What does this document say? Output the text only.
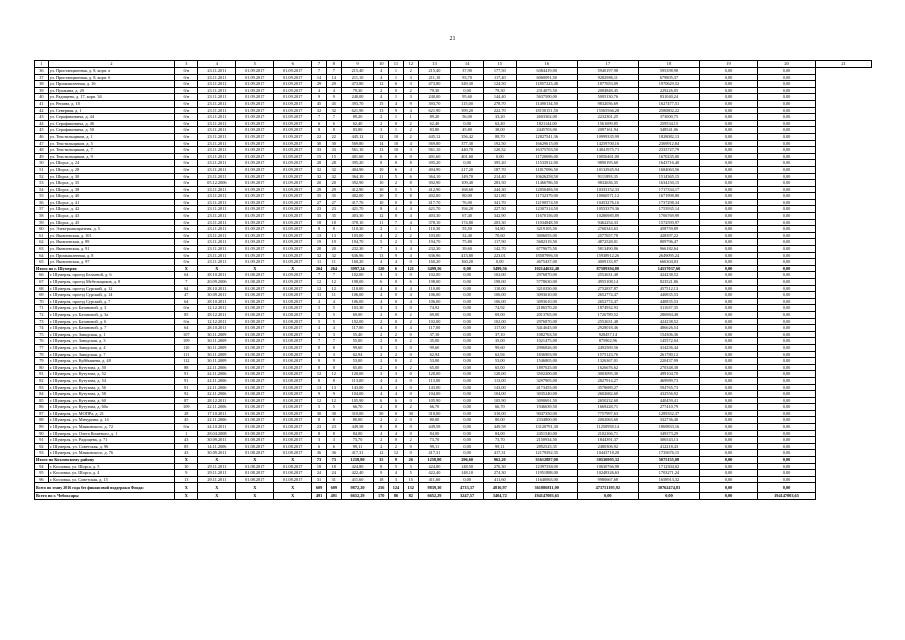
21
1	2	3	4	5	6	7	8	9	10	11	12	13	14	15	16	17	18	19	20	21
36	ул. Пристанционная, д. 8, корп. а	б/н	23.11.2011	01.09.2017	01.09.2017	7	7	215,40	4	1	2	215,40	37,90	177,50	6384419,00	5940197,98	595398,98	0,00	0,00	
37	ул. Пристанционная, д. 8, корп. б	б/н	23.11.2011	01.09.2017	01.09.2017	14	14	211,10	4	1	3	211,10	93,70	117,40	6060091,50	9282986,11	679805,37	0,00	0,00	
38	ул. Промышленная, д. 16	б/н	23.11.2011	01.09.2017	01.09.2017	29	29	473,80	12	6	3	473,80	349,30	124,50	11857223,48	1877653,09	1970629,52	0,00	0,00	
39	ул. Пушкина, д. 29	б/н	23.11.2011	01.09.2017	01.09.2017	4	4	79,30	2	0	2	79,30	0,00	79,30	2314075,50	2084848,45	229226,05	0,00	0,00	
40	ул. Радищева, д. 17, корп. 34	б/н	23.11.2011	01.09.2017	01.09.2017	9	9	240,00	4	1	3	240,00	95,60	144,40	5637500,00	5095130,76	831040,24	0,00	0,00	
41	ул. Репина, д. 18	б/н	23.11.2011	01.09.2017	01.09.2017	45	45	393,70	15	4	9	393,70	115,00	278,70	11490134,50	9832036,69	1627477,51	0,00	0,00	
42	ул. Северная, д. 1	б/н	23.11.2011	01.09.2017	01.09.2017	32	32	621,90	13	9	4	621,90	399,20	222,70	18150151,50	15565566,28	2586802,22	0,00	0,00	
43	ул. Серафимовича, д. 44	б/н	23.11.2011	01.09.2017	01.09.2017	7	7	89,20	2	1	1	89,20	56,00	33,20	2603302,00	2232301,25	373000,75	0,00	0,00	
44	ул. Серафимовича, д. 46	б/н	23.11.2011	01.09.2017	01.09.2017	6	6	62,40	2	0	2	62,40	0,00	62,40	1821144,00	1561699,85	259534,15	0,00	0,00	
45	ул. Серафимовича, д. 50	б/н	23.11.2011	01.09.2017	01.09.2017	8	8	83,80	3	1	2	83,80	45,80	38,00	2445703,00	2097161,94	348541,06	0,00	0,00	
46	ул. Текстильщиков, д. 1	б/н	23.11.2011	01.09.2017	01.09.2017	22	22	445,12	12	10	2	445,12	356,42	88,70	12827541,36	10999335,99	1828082,13	0,00	0,00	
47	ул. Текстильщиков, д. 5	б/н	23.11.2011	01.09.2017	01.09.2017	30	30	569,80	14	10	4	569,80	377,30	192,50	16629615,00	14259700,16	2369912,84	0,00	0,00	
48	ул. Текстильщиков, д. 7	б/н	23.11.2011	01.09.2017	01.09.2017	33	33	561,10	13	10	3	561,10	440,70	120,32	16375703,50	14041975,71	2333727,79	0,00	0,00	
49	ул. Текстильщиков, д. 9	б/н	23.11.2011	01.09.2017	01.09.2017	15	15	401,60	6	6	0	401,60	401,60	0,00	11720696,00	10050461,00	1670235,00	0,00	0,00	
50	ул. Шорса, д. 24	б/н	23.11.2011	01.09.2017	01.09.2017	28	28	395,20	8	0	8	395,20	0,00	395,20	11533912,00	9890195,60	1643716,40	0,00	0,00	
51	ул. Шорса, д. 28	б/н	23.11.2011	01.09.2017	01.09.2017	32	32	404,90	10	6	4	404,90	217,20	187,70	11817096,50	10132945,94	1684063,56	0,00	0,00	
52	ул. Шорса, д. 30	б/н	23.11.2011	01.09.2017	01.09.2017	32	32	364,10	11	5	6	364,10	149,70	214,40	10626258,50	9111893,35	1514365,15	0,00	0,00	
53	ул. Шорса, д. 35	б/н	05.12.2006	01.09.2017	01.09.2017	20	20	392,90	10	2	8	392,90	109,40	283,50	11466786,50	9832636,35	1634150,15	0,00	0,00	
54	ул. Шорса, д. 38	б/н	23.11.2011	01.09.2017	01.09.2017	29	29	412,90	10	5	5	412,90	168,60	244,30	12050486,50	10333152,33	1717334,17	0,00	0,00	
55	ул. Шорса, д. 40	б/н	23.11.2011	01.09.2017	01.09.2017	35	35	402,00	10	5	8	402,00	80,00	321,80	11732379,00	10060571,12	1671998,88	0,00	0,00	
56	ул. Шорса, д. 41	б/н	23.11.2011	01.09.2017	01.09.2017	27	27	417,70	10	0	8	417,70	76,00	341,70	12190574,50	10453276,16	1737298,34	0,00	0,00	
57	ул. Шорса, д. 42	б/н	23.11.2011	01.09.2017	01.09.2017	23	23	421,70	8	4	4	421,70	194,20	227,50	12307314,50	10553379,36	1753935,14	0,00	0,00	
58	ул. Шорса, д. 43	б/н	23.11.2011	01.09.2017	01.09.2017	35	35	403,30	12	8	4	403,30	67,40	342,90	11670156,00	10286985,89	1706769,99	0,00	0,00	
59	ул. Шорса, д. 45	б/н	23.11.2011	01.09.2017	01.09.2017	18	18	378,10	11	7	4	378,10	174,80	203,30	11034848,50	9462254,33	1572593,97	0,00	0,00	
60	ул. Электроаппаратная, д. 5	б/н	23.11.2011	01.09.2017	01.09.2017	8	8	110,30	2	1	1	110,30	55,50	54,80	3219105,50	2760343,63	458759,89	0,00	0,00	
61	ул. Яковлевская, д. 101	б/н	23.11.2011	01.09.2017	01.09.2017	13	13	103,00	4	2	2	103,00	32,40	70,60	3006055,00	2577657,78	428397,22	0,00	0,00	
62	ул. Яковлевская, д. 89	б/н	23.11.2011	01.09.2017	01.09.2017	19	19	194,70	5	2	3	194,70	75,80	117,90	5682319,50	4872528,01	809796,47	0,00	0,00	
63	ул. Яковлевская, д. 91	б/н	23.11.2011	01.09.2017	01.09.2017	20	20	232,30	7	3	4	232,30	39,60	142,70	6779675,50	5813490,86	966182,64	0,00	0,00	
64	ул. Промышленная, д. 8	б/н	23.11.2011	01.09.2017	01.09.2017	32	32	636,96	13	9	4	636,96	413,80	223,01	18587996,50	15938912,26	2649095,24	0,00	0,00	
65	ул. Яковлевская, д. 97	б/н	23.11.2011	01.09.2017	01.09.2017	11	11	160,20	4	4	0	160,20	160,20	0,00	4675437,00	4009133,97	666304,03	0,00	0,00	
Итого по г. Шумерля		X	X	X	X	264	264	3997,24	120	6	121	3499,56	0,00	3499,56	102144632,40	87589394,80	14557037,60	0,00	0,00	
66	г. Шумерля, проезд Бельевой, д. 6	64	28.10.2011	01.08.2017	01.09.2017	7	7	102,00	3	3	0	102,00	0,00	102,00	2976870,00	2552631,48	424238,52	0,00	0,00	
67	г. Шумерля, проезд Мебельщиков, д. 8	7	20.09.2006	01.08.2017	01.09.2017	12	12	198,00	6	0	6	198,00	0,00	198,00	5778630,00	4955108,14	823521,86	0,00	0,00	
68	г. Шумерля, проезд Сурский, д. 12	64	28.10.2011	01.08.2017	01.08.2017	12	12	110,00	4	0	4	110,00	0,00	110,00	3210350,00	2752837,87	457512,13	0,00	0,00	
69	г. Шумерля, проезд Сурский, д. 14	47	30.09.2011	01.08.2017	01.08.2017	11	11	106,00	4	0	4	106,00	0,00	106,00	3093610,00	2652774,47	440835,53	0,00	0,00	
70	г. Шумерля, проезд Сурский, д. 7	64	28.10.2011	01.08.2017	01.08.2017	4	4	106,00	4	0	4	106,00	0,00	106,00	3093610,00	2652774,47	440835,53	0,00	0,00	
71	г. Шумерля, ул. Базановой, д. 3	б/н	12.12.2011	01.08.2017	01.08.2017	5	5	103,30	3	3	0	74,92	0,00	74,92	2186570,20	1874932,93	311637,35	0,00	0,00	
72	г. Шумерля, ул. Базановой, д. 3а	85	28.12.2011	01.08.2017	01.08.2017	5	5	69,00	2	0	2	69,00	0,00	69,00	2013765,00	1726789,52	286984,48	0,00	0,00	
73	г. Шумерля, ул. Базановой, д. 6	б/н	12.12.2011	01.08.2017	01.08.2017	5	5	102,00	2	0	2	102,00	0,00	102,00	2976870,00	2552631,48	424238,52	0,00	0,00	
74	г. Шумерля, ул. Базановой, д. 7	64	28.10.2011	01.08.2017	01.08.2017	4	4	117,00	4	0	4	117,00	0,00	117,00	3414645,00	2928018,46	486626,54	0,00	0,00	
75	г. Шумерля, ул. Заводская, д. 1	107	30.11.2009	01.08.2017	01.08.2017	3	3	55,40	2	2	0	37,10	0,00	37,10	1082763,50	928457,14	154306,36	0,00	0,00	
76	г. Шумерля, ул. Заводская, д. 3	109	30.11.2009	01.08.2017	01.08.2017	7	7	55,00	2	0	2	35,00	0,00	35,00	1021475,00	875902,96	145572,04	0,00	0,00	
77	г. Шумерля, ул. Заводская, д. 4	110	30.11.2009	01.08.2017	01.08.2017	8	8	99,60	3	3	0	99,60	0,00	99,60	2906826,00	2492569,56	414256,44	0,00	0,00	
78	г. Шумерля, ул. Заводская, д. 7	111	30.11.2009	01.08.2017	01.08.2017	3	3	62,94	2	2	0	62,94	0,00	62,94	1836903,90	1575123,76	261780,12	0,00	0,00	
79	г. Шумерля, ул. Куйбышева, д. 48	112	30.11.2009	01.08.2017	01.08.2017	9	9	53,00	2	0	2	53,00	0,00	53,00	1546805,00	1326367,01	220437,99	0,00	0,00	
80	г. Шумерля, ул. Кутузова, д. 50	88	22.11.2006	01.08.2017	01.08.2017	8	8	65,00	2	0	2	65,00	0,00	65,00	1897025,00	1626676,62	270348,38	0,00	0,00	
81	г. Шумерля, ул. Кутузова, д. 52	91	22.11.2006	01.08.2017	01.08.2017	12	12	120,00	3	3	0	120,00	0,00	120,00	3502200,00	3003095,30	499104,70	0,00	0,00	
82	г. Шумерля, ул. Кутузова, д. 54	91	22.11.2006	01.08.2017	01.08.2017	8	8	113,00	4	4	0	113,00	0,00	113,00	3297905,00	2827914,27	469989,73	0,00	0,00	
83	г. Шумерля, ул. Кутузова, д. 56	91	22.11.2006	01.08.2017	01.08.2017	13	13	143,00	4	4	0	143,00	0,00	143,00	4173455,00	3578689,27	594765,73	0,00	0,00	
84	г. Шумерля, ул. Кутузова, д. 58	92	22.11.2006	01.08.2017	01.08.2017	9	9	104,00	4	4	0	104,00	0,00	104,00	3035240,00	2602682,60	432556,92	0,00	0,00	
85	г. Шумерля, ул. Кутузова, д. 60	87	28.12.2011	01.08.2017	01.08.2017	12	12	105,90	6	6	0	105,90	0,00	105,90	3090691,50	2650232,60	440459,41	0,00	0,00	
86	г. Шумерля, ул. Кутузова, д. 60а	109	22.11.2006	01.08.2017	01.08.2017	5	5	66,70	2	0	2	66,70	0,00	66,70	1946639,50	1669228,71	277410,79	0,00	0,00	
87	г. Шумерля, ул. МОПРа, д. 21	28	17.10.2011	01.08.2017	01.08.2017	30	30	310,00	30	0	30	310,00	0,00	310,00	9047350,00	7757997,63	1289352,37	0,00	0,00	
88	г. Шумерля, ул. Мичурина, д. 14	45	22.11.2006	01.08.2017	01.08.2017	8	8	80,00	2	2	0	80,00	0,00	80,00	2334800,00	2002063,60	332736,40	0,00	0,00	
89	г. Шумерля, ул. Маяковского, д. 72	б/н	24.10.2011	01.08.2017	01.08.2017	23	23	449,58	8	8	0	449,58	0,00	449,58	13120791,30	11250958,14	1869833,16	0,00	0,00	
90	г. Шумерля, ул. Олега Кошевого, д. 1	1	28.04.2008	01.08.2017	01.08.2017	8	8	84,00	4	4	0	84,00	0,00	84,00	2451540,00	2102166,71	349373,29	0,00	0,00	
91	г. Шумерля, ул. Радищева, д. 71	43	30.09.2011	01.08.2017	01.08.2017	3	3	73,70	2	0	2	73,70	0,00	73,70	2150934,50	1844391,37	306543,13	0,00	0,00	
92	г. Шумерля, ул. Советская, д. 96	85	14.11.2006	01.08.2017	01.08.2017	6	6	99,11	2	2	0	99,11	0,00	99,11	2892525,35	2480306,92	412218,43	0,00	0,00	
93	г. Шумерля, ул. Маяковского, д. 76	43	30.09.2011	01.08.2017	01.08.2017	36	36	417,31	12	12	0	417,31	0,00	417,31	12179392,35	10443718,20	1735676,15	0,00	0,00	
Итого по Козловскому району		X	X	X	X	73	73	1258,80	35	9	26	1258,80	296,60	962,20	35612887,00	30536995,32	5075155,08	0,00	0,00	
94	г. Козловка, ул. Шорса, д. 5	10	29.11.2011	01.08.2017	01.08.2017	18	18	424,80	8	5	3	424,80	148,50	276,30	12397338,00	10630766,98	1712304,02	0,00	0,00	
95	г. Козловка, ул. Шорса, д. 4	9	29.11.2011	01.08.2017	01.08.2017	24	24	422,40	9	4	5	422,40	148,10	274,30	11951888,00	10248326,63	1703271,24	0,00	0,00	
96	г. Козловка, ул. Советская, д. 15	13	29.11.2011	01.08.2017	01.08.2017	31	31	411,60	18	3	15	411,60	0,00	411,60	11640063,00	9980667,68	1658913,32	0,00	0,00	
Всего по этапу 2016 года без финансовой поддержки Фонда:		X	X	X	X	609	609	9872,20	256	124	132	9839,30	4733,37	4816,97	361086811,00	473751195,92	30762474,83	0,00	0,00	
Всего по г. Чебоксары		X	X	X	X	491	491	6652,29	170	86	82	6652,29	3247,57	3404,72	194147003,65	0,00	0,00	0,00	194147003,65	
